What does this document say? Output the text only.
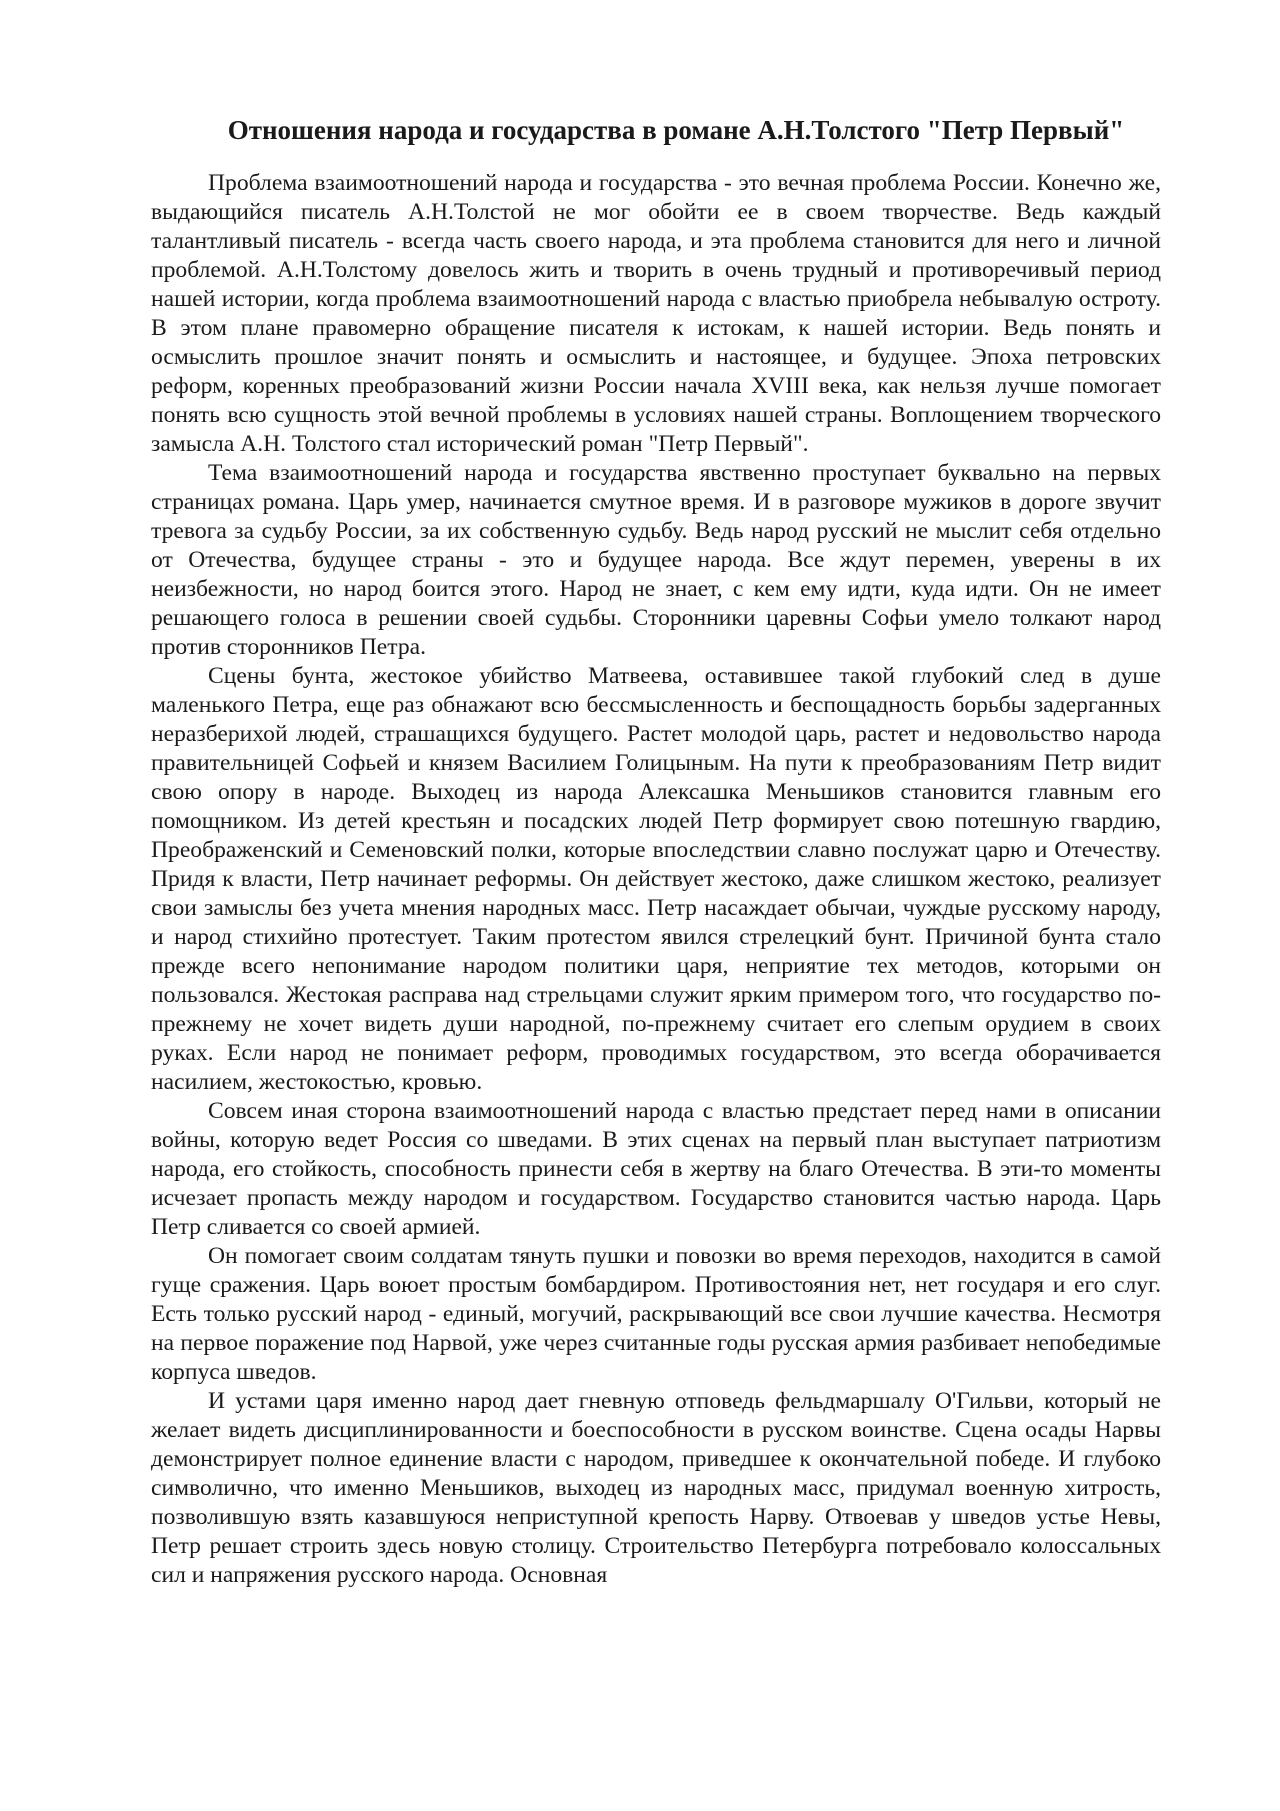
Отношения народа и государства в романе А.Н.Толстого "Петр Первый"

Проблема взаимоотношений народа и государства - это вечная проблема России. Конечно же, выдающийся писатель А.Н.Толстой не мог обойти ее в своем творчестве. Ведь каждый талантливый писатель - всегда часть своего народа, и эта проблема становится для него и личной проблемой. А.Н.Толстому довелось жить и творить в очень трудный и противоречивый период нашей истории, когда проблема взаимоотношений народа с властью приобрела небывалую остроту. В этом плане правомерно обращение писателя к истокам, к нашей истории. Ведь понять и осмыслить прошлое значит понять и осмыслить и настоящее, и будущее. Эпоха петровских реформ, коренных преобразований жизни России начала XVIII века, как нельзя лучше помогает понять всю сущность этой вечной проблемы в условиях нашей страны. Воплощением творческого замысла А.Н. Толстого стал исторический роман "Петр Первый".

Тема взаимоотношений народа и государства явственно проступает буквально на первых страницах романа. Царь умер, начинается смутное время. И в разговоре мужиков в дороге звучит тревога за судьбу России, за их собственную судьбу. Ведь народ русский не мыслит себя отдельно от Отечества, будущее страны - это и будущее народа. Все ждут перемен, уверены в их неизбежности, но народ боится этого. Народ не знает, с кем ему идти, куда идти. Он не имеет решающего голоса в решении своей судьбы. Сторонники царевны Софьи умело толкают народ против сторонников Петра.

Сцены бунта, жестокое убийство Матвеева, оставившее такой глубокий след в душе маленького Петра, еще раз обнажают всю бессмысленность и беспощадность борьбы задерганных неразберихой людей, страшащихся будущего. Растет молодой царь, растет и недовольство народа правительницей Софьей и князем Василием Голицыным. На пути к преобразованиям Петр видит свою опору в народе. Выходец из народа Алексашка Меньшиков становится главным его помощником. Из детей крестьян и посадских людей Петр формирует свою потешную гвардию, Преображенский и Семеновский полки, которые впоследствии славно послужат царю и Отечеству. Придя к власти, Петр начинает реформы. Он действует жестоко, даже слишком жестоко, реализует свои замыслы без учета мнения народных масс. Петр насаждает обычаи, чуждые русскому народу, и народ стихийно протестует. Таким протестом явился стрелецкий бунт. Причиной бунта стало прежде всего непонимание народом политики царя, неприятие тех методов, которыми он пользовался. Жестокая расправа над стрельцами служит ярким примером того, что государство по-прежнему не хочет видеть души народной, по-прежнему считает его слепым орудием в своих руках. Если народ не понимает реформ, проводимых государством, это всегда оборачивается насилием, жестокостью, кровью.

Совсем иная сторона взаимоотношений народа с властью предстает перед нами в описании войны, которую ведет Россия со шведами. В этих сценах на первый план выступает патриотизм народа, его стойкость, способность принести себя в жертву на благо Отечества. В эти-то моменты исчезает пропасть между народом и государством. Государство становится частью народа. Царь Петр сливается со своей армией.

Он помогает своим солдатам тянуть пушки и повозки во время переходов, находится в самой гуще сражения. Царь воюет простым бомбардиром. Противостояния нет, нет государя и его слуг. Есть только русский народ - единый, могучий, раскрывающий все свои лучшие качества. Несмотря на первое поражение под Нарвой, уже через считанные годы русская армия разбивает непобедимые корпуса шведов.

И устами царя именно народ дает гневную отповедь фельдмаршалу О'Гильви, который не желает видеть дисциплинированности и боеспособности в русском воинстве. Сцена осады Нарвы демонстрирует полное единение власти с народом, приведшее к окончательной победе. И глубоко символично, что именно Меньшиков, выходец из народных масс, придумал военную хитрость, позволившую взять казавшуюся неприступной крепость Нарву. Отвоевав у шведов устье Невы, Петр решает строить здесь новую столицу. Строительство Петербурга потребовало колоссальных сил и напряжения русского народа. Основная
